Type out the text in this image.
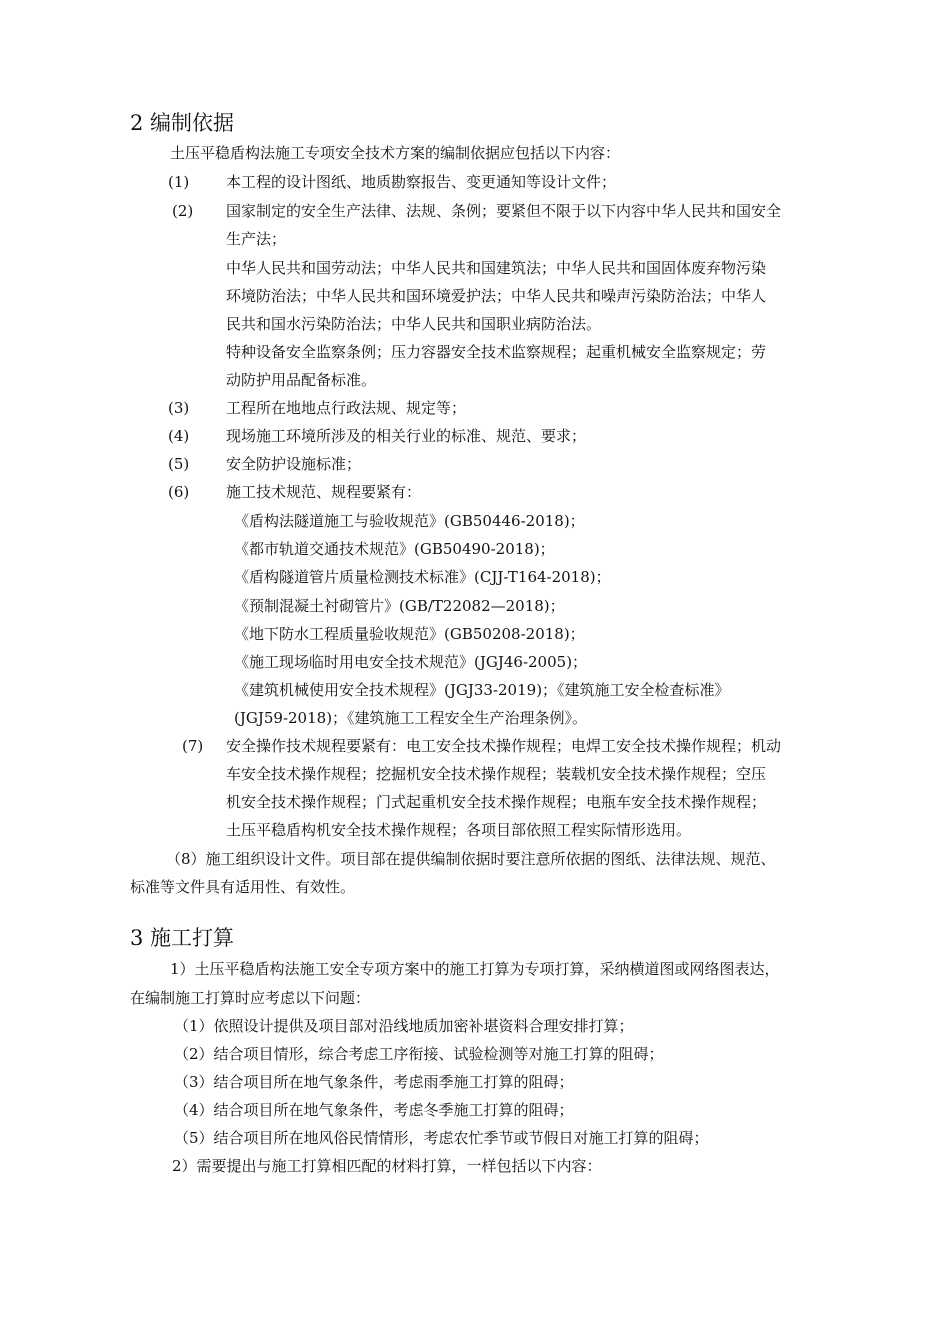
2 编制依据
土压平稳盾构法施工专项安全技术方案的编制依据应包括以下内容：
(1) 本工程的设计图纸、地质勘察报告、变更通知等设计文件；
(2) 国家制定的安全生产法律、法规、条例；要紧但不限于以下内容中华人民共和国安全
生产法；
中华人民共和国劳动法；中华人民共和国建筑法；中华人民共和国固体废弃物污染
环境防治法；中华人民共和国环境爱护法；中华人民共和噪声污染防治法；中华人
民共和国水污染防治法；中华人民共和国职业病防治法。
特种设备安全监察条例；压力容器安全技术监察规程；起重机械安全监察规定；劳
动防护用品配备标准。
(3) 工程所在地地点行政法规、规定等；
(4) 现场施工环境所涉及的相关行业的标准、规范、要求；
(5) 安全防护设施标准；
(6) 施工技术规范、规程要紧有：
《盾构法隧道施工与验收规范》(GB50446-2018)；
《都市轨道交通技术规范》(GB50490-2018)；
《盾构隧道管片质量检测技术标准》(CJJ-T164-2018)；
《预制混凝土衬砌管片》(GB/T22082—2018)；
《地下防水工程质量验收规范》(GB50208-2018)；
《施工现场临时用电安全技术规范》(JGJ46-2005)；
《建筑机械使用安全技术规程》(JGJ33-2019)；《建筑施工安全检查标准》
(JGJ59-2018)；《建筑施工工程安全生产治理条例》。
(7) 安全操作技术规程要紧有：电工安全技术操作规程；电焊工安全技术操作规程；机动
车安全技术操作规程；挖掘机安全技术操作规程；装载机安全技术操作规程；空压
机安全技术操作规程；门式起重机安全技术操作规程；电瓶车安全技术操作规程；
土压平稳盾构机安全技术操作规程；各项目部依照工程实际情形选用。
（8）施工组织设计文件。项目部在提供编制依据时要注意所依据的图纸、法律法规、规范、
标准等文件具有适用性、有效性。
3 施工打算
1）土压平稳盾构法施工安全专项方案中的施工打算为专项打算，采纳横道图或网络图表达，
在编制施工打算时应考虑以下问题：
（1）依照设计提供及项目部对沿线地质加密补堪资料合理安排打算；
（2）结合项目情形，综合考虑工序衔接、试验检测等对施工打算的阻碍；
（3）结合项目所在地气象条件，考虑雨季施工打算的阻碍；
（4）结合项目所在地气象条件，考虑冬季施工打算的阻碍；
（5）结合项目所在地风俗民情情形，考虑农忙季节或节假日对施工打算的阻碍；
2）需要提出与施工打算相匹配的材料打算，一样包括以下内容：
